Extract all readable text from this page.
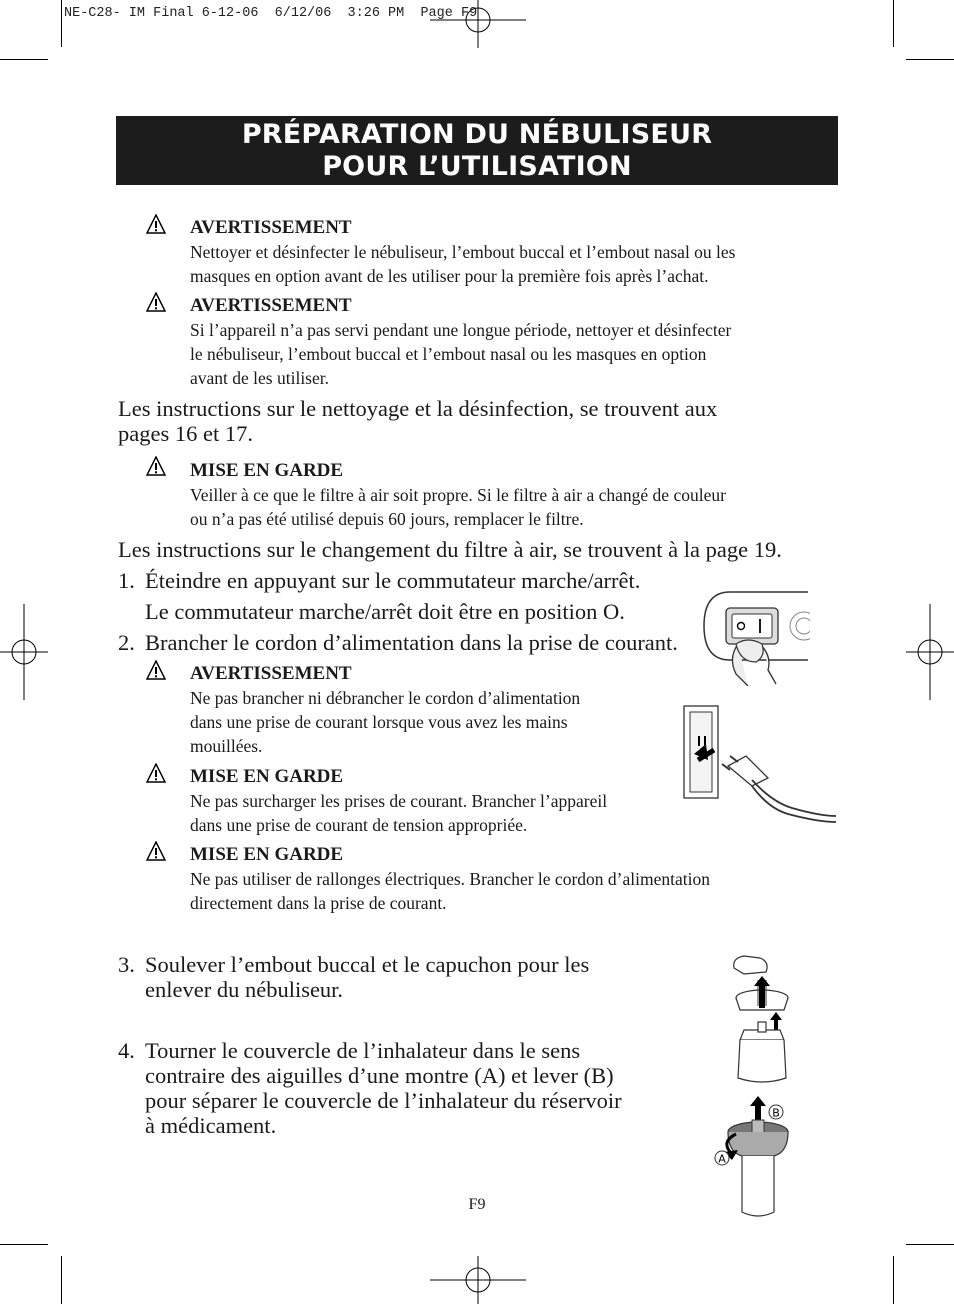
NE-C28- IM Final 6-12-06  6/12/06  3:26 PM  Page F9
PRÉPARATION DU NÉBULISEUR
POUR L’UTILISATION
AVERTISSEMENT
Nettoyer et désinfecter le nébuliseur, l’embout buccal et l’embout nasal ou les
masques en option avant de les utiliser pour la première fois après l’achat.
AVERTISSEMENT
Si l’appareil n’a pas servi pendant une longue période, nettoyer et désinfecter
le nébuliseur, l’embout buccal et l’embout nasal ou les masques en option
avant de les utiliser.
Les instructions sur le nettoyage et la désinfection, se trouvent aux
pages 16 et 17.
MISE EN GARDE
Veiller à ce que le filtre à air soit propre. Si le filtre à air a changé de couleur
ou n’a pas été utilisé depuis 60 jours, remplacer le filtre.
Les instructions sur le changement du filtre à air, se trouvent à la page 19.
1. Éteindre en appuyant sur le commutateur marche/arrêt.
Le commutateur marche/arrêt doit être en position O.
2. Brancher le cordon d’alimentation dans la prise de courant.
AVERTISSEMENT
Ne pas brancher ni débrancher le cordon d’alimentation
dans une prise de courant lorsque vous avez les mains
mouillées.
MISE EN GARDE
Ne pas surcharger les prises de courant. Brancher l’appareil
dans une prise de courant de tension appropriée.
MISE EN GARDE
Ne pas utiliser de rallonges électriques. Brancher le cordon d’alimentation
directement dans la prise de courant.
3. Soulever l’embout buccal et le capuchon pour les
enlever du nébuliseur.
4. Tourner le couvercle de l’inhalateur dans le sens
contraire des aiguilles d’une montre (A) et lever (B)
pour séparer le couvercle de l’inhalateur du réservoir
à médicament.	B
A
F9
